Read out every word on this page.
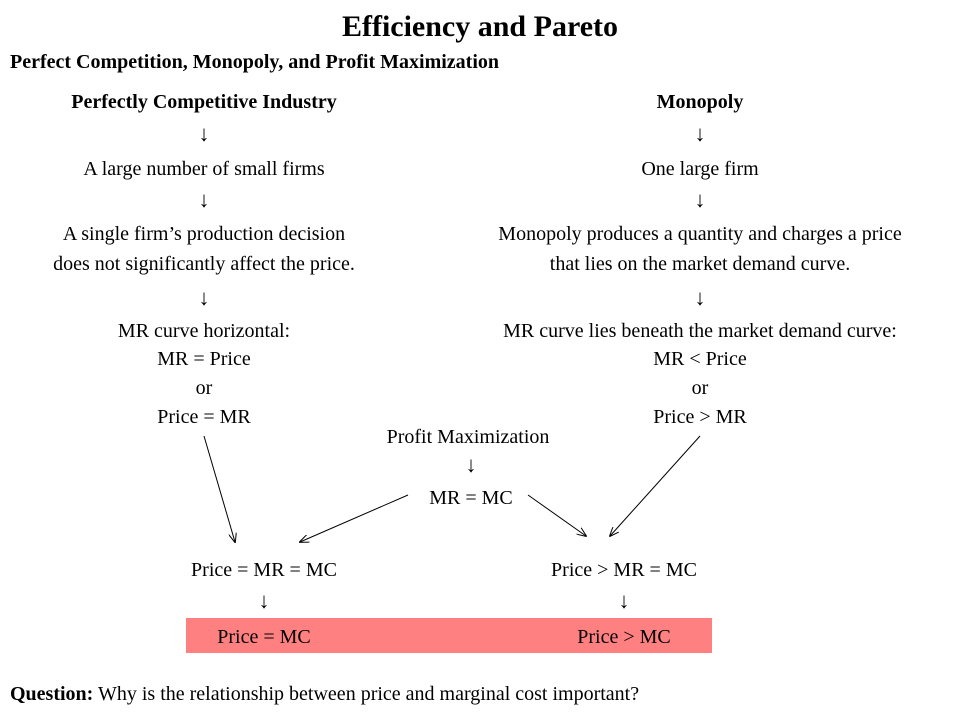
Efficiency and Pareto
Perfect Competition, Monopoly, and Profit Maximization
Perfectly Competitive Industry
↓
A large number of small firms
↓
A single firm’s production decision
does not significantly affect the price.
↓
MR curve horizontal:
MR = Price
or
Price = MR
Monopoly
↓
One large firm
↓
Monopoly produces a quantity and charges a price
that lies on the market demand curve.
↓
MR curve lies beneath the market demand curve:
MR < Price
or
Price > MR
Profit Maximization
↓
MR = MC
Price = MR = MC	Price > MR = MC
↓	↓
Price = MC	Price > MC
Question: Why is the relationship between price and marginal cost important?
